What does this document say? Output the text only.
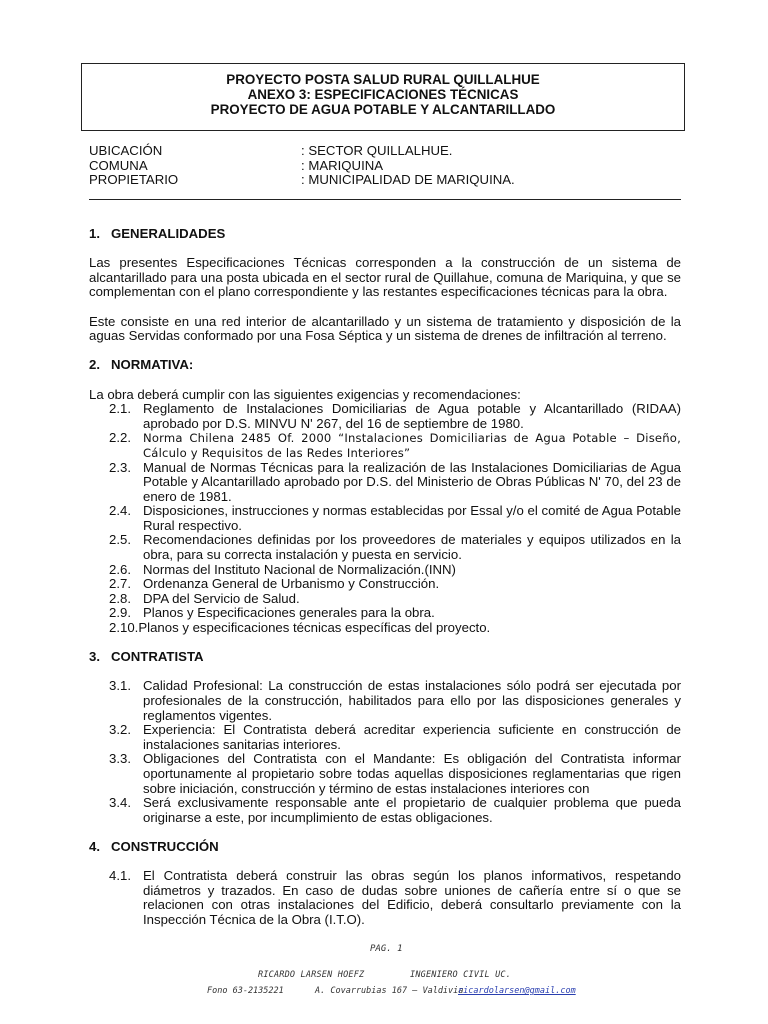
PROYECTO POSTA SALUD RURAL QUILLALHUE
ANEXO 3: ESPECIFICACIONES TÉCNICAS
PROYECTO DE AGUA POTABLE Y ALCANTARILLADO
UBICACIÓN	: SECTOR QUILLALHUE.
COMUNA	: MARIQUINA
PROPIETARIO	: MUNICIPALIDAD DE MARIQUINA.
1. GENERALIDADES
Las presentes Especificaciones Técnicas corresponden a la construcción de un sistema de alcantarillado para una posta ubicada en el sector rural de Quillahue, comuna de Mariquina, y que se complementan con el plano correspondiente y las restantes especificaciones técnicas para la obra.
Este consiste en una red interior de alcantarillado y un sistema de tratamiento y disposición de la aguas Servidas conformado por una Fosa Séptica y un sistema de drenes de infiltración al terreno.
2. NORMATIVA:
La obra deberá cumplir con las siguientes exigencias y recomendaciones:
2.1. Reglamento de Instalaciones Domiciliarias de Agua potable y Alcantarillado (RIDAA) aprobado por D.S. MINVU N' 267, del 16 de septiembre de 1980.
2.2.	Norma Chilena 2485 Of. 2000 “Instalaciones Domiciliarias de Agua Potable – Diseño, Cálculo y Requisitos de las Redes Interiores”
2.3. Manual de Normas Técnicas para la realización de las Instalaciones Domiciliarias de Agua Potable y Alcantarillado aprobado por D.S. del Ministerio de Obras Públicas N' 70, del 23 de enero de 1981.
2.4. Disposiciones, instrucciones y normas establecidas por Essal y/o el comité de Agua Potable Rural respectivo.
2.5. Recomendaciones definidas por los proveedores de materiales y equipos utilizados en la obra, para su correcta instalación y puesta en servicio.
2.6. Normas del Instituto Nacional de Normalización.(INN)
2.7. Ordenanza General de Urbanismo y Construcción.
2.8. DPA del Servicio de Salud.
2.9. Planos y Especificaciones generales para la obra.
2.10. Planos y especificaciones técnicas específicas del proyecto.
3. CONTRATISTA
3.1. Calidad Profesional: La construcción de estas instalaciones sólo podrá ser ejecutada por profesionales de la construcción, habilitados para ello por las disposiciones generales y reglamentos vigentes.
3.2. Experiencia: El Contratista deberá acreditar experiencia suficiente en construcción de instalaciones sanitarias interiores.
3.3. Obligaciones del Contratista con el Mandante: Es obligación del Contratista informar oportunamente al propietario sobre todas aquellas disposiciones reglamentarias que rigen sobre iniciación, construcción y término de estas instalaciones interiores con
3.4. Será exclusivamente responsable ante el propietario de cualquier problema que pueda originarse a este, por incumplimiento de estas obligaciones.
4. CONSTRUCCIÓN
4.1. El Contratista deberá construir las obras según los planos informativos, respetando diámetros y trazados. En caso de dudas sobre uniones de cañería entre sí o que se relacionen con otras instalaciones del Edificio, deberá consultarlo previamente con la Inspección Técnica de la Obra (I.T.O).
PAG. 1
RICARDO LARSEN HOEFZ	INGENIERO CIVIL UC.
Fono 63-2135221	A. Covarrubias 167 – Valdivia
ricardolarsen@gmail.com
